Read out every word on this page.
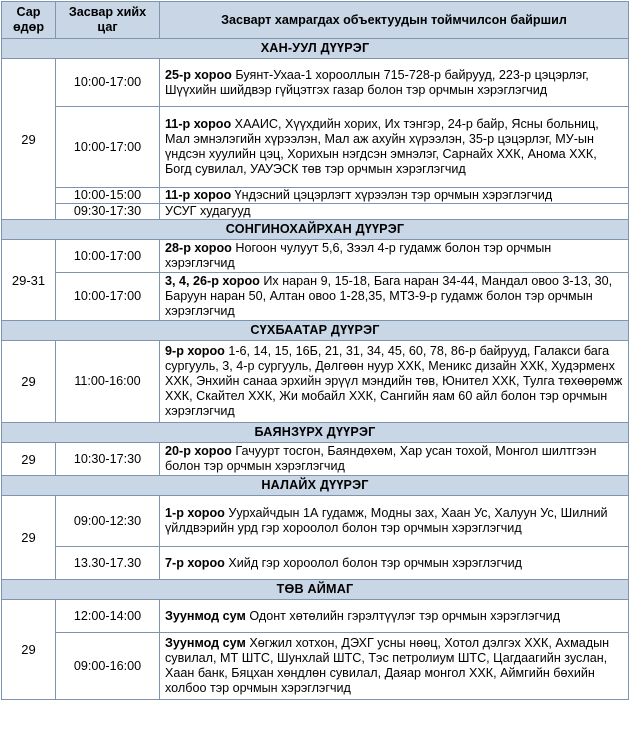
Сар өдөр	Засвар хийх цаг	Засварт хамрагдах объектуудын тоймчилсон байршил
ХАН-УУЛ ДҮҮРЭГ		
29	10:00-17:00	25-р хороо Буянт-Ухаа-1 хорооллын 715-728-р байрууд, 223-р цэцэрлэг, Шүүхийн шийдвэр гүйцэтгэх газар болон тэр орчмын хэрэглэгчид
	10:00-17:00	11-р хороо ХААИС, Хүүхдийн хорих, Их тэнгэр, 24-р байр, Ясны больниц, Мал эмнэлэгийн хүрээлэн, Мал аж ахуйн хүрээлэн, 35-р цэцэрлэг, МУ-ын үндсэн хуулийн цэц, Хорихын нэгдсэн эмнэлэг, Сарнайх ХХК, Анома ХХК, Богд сувилал, УАУЭСК төв тэр орчмын хэрэглэгчид
	10:00-15:00	11-р хороо Үндэсний цэцэрлэгт хүрээлэн тэр орчмын хэрэглэгчид
	09:30-17:30	УСУГ худагууд
СОНГИНОХАЙРХАН ДҮҮРЭГ		
29-31	10:00-17:00	28-р хороо Ногоон чулуут 5,6, Зээл 4-р гудамж болон тэр орчмын хэрэглэгчид
	10:00-17:00	3, 4, 26-р хороо Их наран 9, 15-18, Бага наран 34-44, Мандал овоо 3-13, 30, Баруун наран 50, Алтан овоо 1-28,35, МТЗ-9-р гудамж болон тэр орчмын хэрэглэгчид
СҮХБААТАР ДҮҮРЭГ		
29	11:00-16:00	9-р хороо 1-6, 14, 15, 16Б, 21, 31, 34, 45, 60, 78, 86-р байрууд, Галакси бага сургууль, 3, 4-р сургууль, Дөлгөөн нуур ХХК, Меникс дизайн ХХК, Худэрменх ХХК, Энхийн санаа эрхийн эрүүл мэндийн төв, Юнител ХХК, Тулга төхөөрөмж ХХК, Скайтел ХХК, Жи мобайл ХХК, Сангийн яам 60 айл болон тэр орчмын хэрэглэгчид
БАЯНЗҮРХ ДҮҮРЭГ		
29	10:30-17:30	20-р хороо Гачуурт тосгон, Баяндөхөм, Хар усан тохой, Монгол шилтгээн болон тэр орчмын хэрэглэгчид
НАЛАЙХ ДҮҮРЭГ		
29	09:00-12:30	1-р хороо Уурхайчдын 1А гудамж, Модны зах, Хаан Ус, Халуун Ус, Шилний үйлдвэрийн урд гэр хороолол болон тэр орчмын хэрэглэгчид
	13.30-17.30	7-р хороо Хийд гэр хороолол болон тэр орчмын хэрэглэгчид
ТӨВ АЙМАГ		
29	12:00-14:00	Зуунмод сум Одонт хөтөлийн гэрэлтүүлэг тэр орчмын хэрэглэгчид
	09:00-16:00	Зуунмод сум Хөгжил хотхон, ДЭХГ усны нөөц, Хотол дэлгэх ХХК, Ахмадын сувилал, МТ ШТС, Шунхлай ШТС, Тэс петролиум ШТС, Цагдаагийн зуслан, Хаан банк, Бяцхан хөндлөн сувилал, Даяар монгол ХХК, Аймгийн бөхийн холбоо тэр орчмын хэрэглэгчид
